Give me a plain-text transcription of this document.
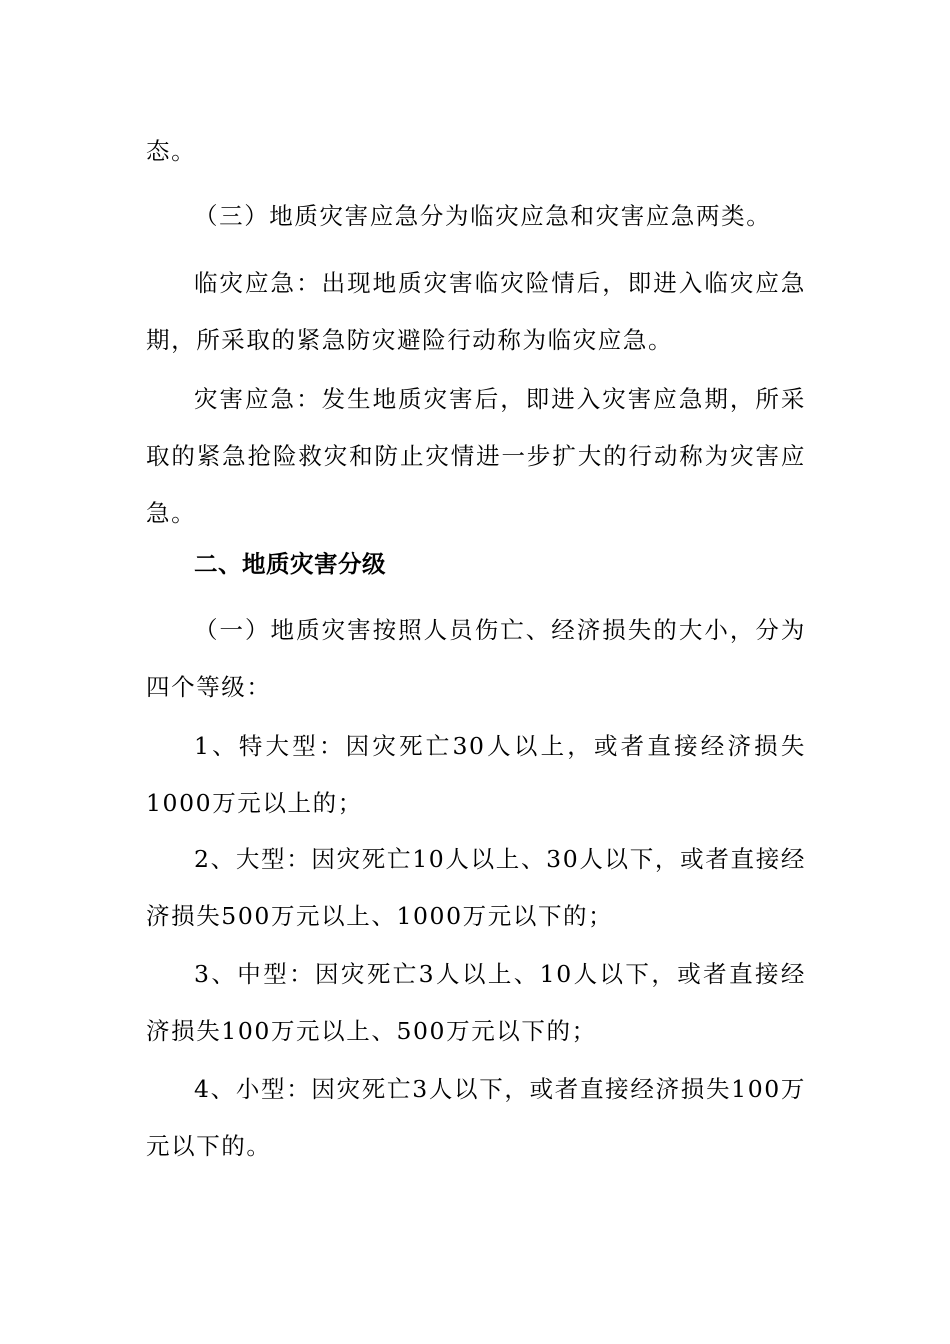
态。

（三）地质灾害应急分为临灾应急和灾害应急两类。

临灾应急：出现地质灾害临灾险情后，即进入临灾应急期，所采取的紧急防灾避险行动称为临灾应急。

灾害应急：发生地质灾害后，即进入灾害应急期，所采取的紧急抢险救灾和防止灾情进一步扩大的行动称为灾害应急。

二、地质灾害分级

（一）地质灾害按照人员伤亡、经济损失的大小，分为四个等级：

1、特大型：因灾死亡30人以上，或者直接经济损失1000万元以上的；

2、大型：因灾死亡10人以上、30人以下，或者直接经济损失500万元以上、1000万元以下的；

3、中型：因灾死亡3人以上、10人以下，或者直接经济损失100万元以上、500万元以下的；

4、小型：因灾死亡3人以下，或者直接经济损失100万元以下的。
